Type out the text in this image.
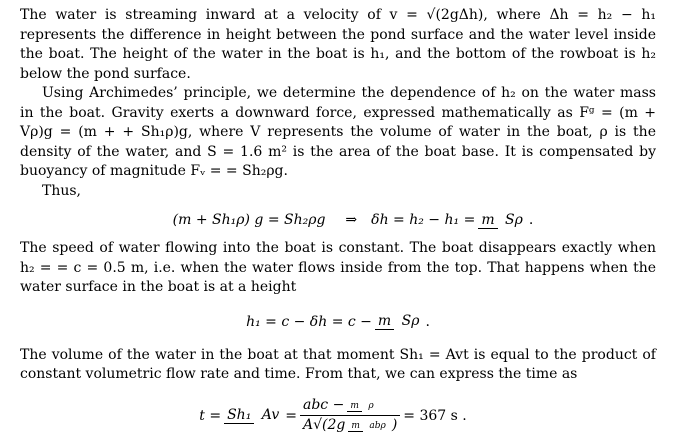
The water is streaming inward at a velocity of v = √(2gΔh), where Δh = h₂ − h₁ represents the difference in height between the pond surface and the water level inside the boat. The height of the water in the boat is h₁, and the bottom of the rowboat is h₂ below the pond surface.

Using Archimedes’ principle, we determine the dependence of h₂ on the water mass in the boat. Gravity exerts a downward force, expressed mathematically as Fᵍ = (m + Vρ)g = (m + + Sh₁ρ)g, where V represents the volume of water in the boat, ρ is the density of the water, and S = 1.6 m² is the area of the boat base. It is compensated by buoyancy of magnitude Fᵥ = = Sh₂ρg.

Thus,

(m + Sh₁ρ) g = Sh₂ρg ⇒ δh = h₂ − h₁ = m Sρ .

The speed of water flowing into the boat is constant. The boat disappears exactly when h₂ = = c = 0.5 m, i.e. when the water flows inside from the top. That happens when the water surface in the boat is at a height

h₁ = c − δh = c − m Sρ .

The volume of the water in the boat at that moment Sh₁ = Avt is equal to the product of constant volumetric flow rate and time. From that, we can express the time as

t = Sh₁ $Av = \frac{\text{abc − m ρ}}{\text{A√(2g m abρ )}} = 367$ s .
